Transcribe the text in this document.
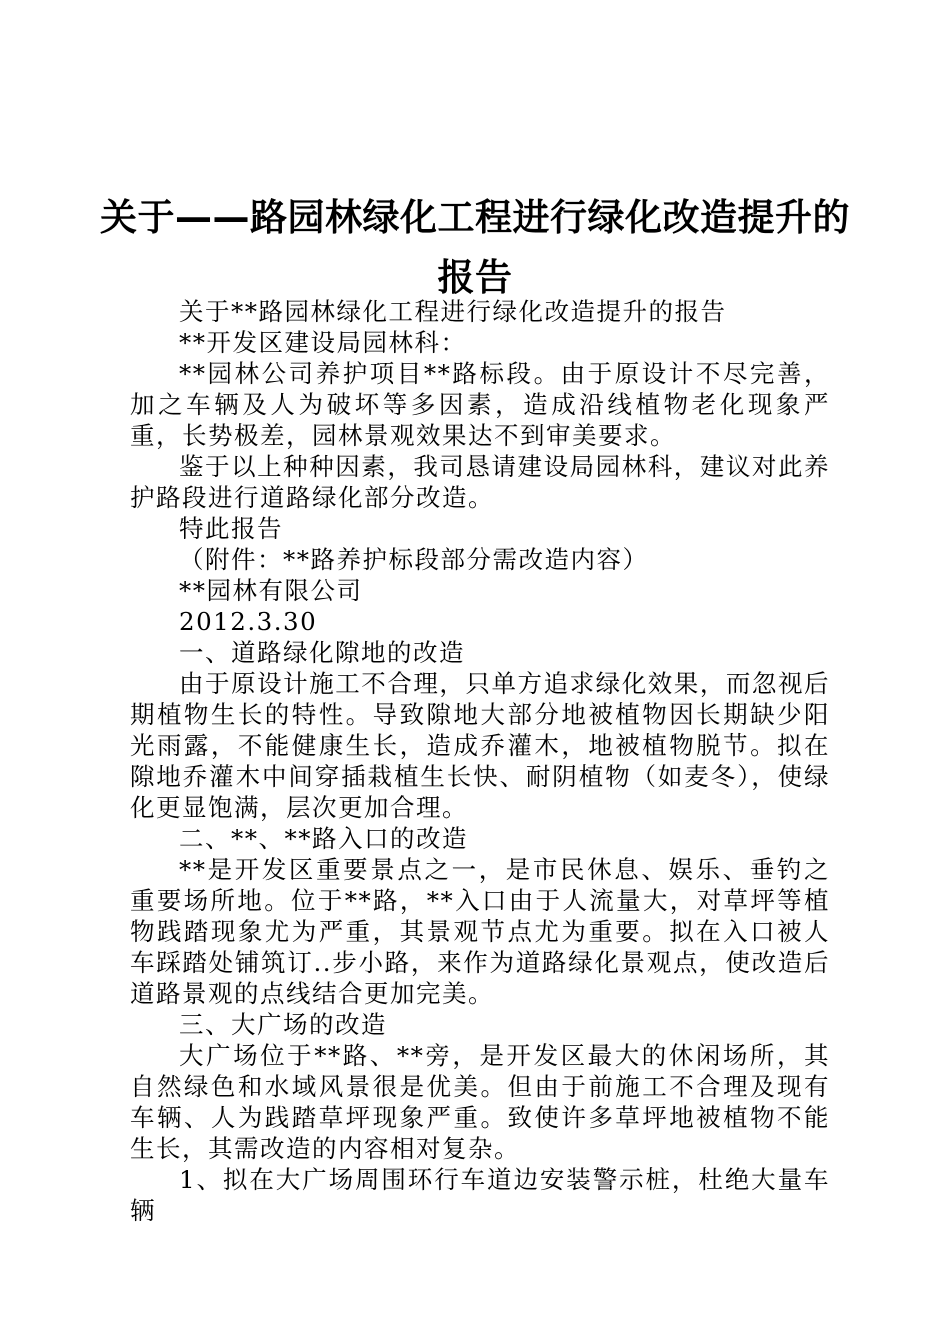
关于——路园林绿化工程进行绿化改造提升的
报告

关于**路园林绿化工程进行绿化改造提升的报告

**开发区建设局园林科：

**园林公司养护项目**路标段。由于原设计不尽完善，加之车辆及人为破坏等多因素，造成沿线植物老化现象严重，长势极差，园林景观效果达不到审美要求。

鉴于以上种种因素，我司恳请建设局园林科，建议对此养护路段进行道路绿化部分改造。

特此报告

（附件：**路养护标段部分需改造内容）

**园林有限公司

2012.3.30

一、道路绿化隙地的改造

由于原设计施工不合理，只单方追求绿化效果，而忽视后期植物生长的特性。导致隙地大部分地被植物因长期缺少阳光雨露，不能健康生长，造成乔灌木，地被植物脱节。拟在隙地乔灌木中间穿插栽植生长快、耐阴植物（如麦冬），使绿化更显饱满，层次更加合理。

二、**、**路入口的改造

**是开发区重要景点之一，是市民休息、娱乐、垂钓之重要场所地。位于**路，**入口由于人流量大，对草坪等植物践踏现象尤为严重，其景观节点尤为重要。拟在入口被人车踩踏处铺筑订..步小路，来作为道路绿化景观点，使改造后道路景观的点线结合更加完美。

三、大广场的改造

大广场位于**路、**旁，是开发区最大的休闲场所，其自然绿色和水域风景很是优美。但由于前施工不合理及现有车辆、人为践踏草坪现象严重。致使许多草坪地被植物不能生长，其需改造的内容相对复杂。

1、拟在大广场周围环行车道边安装警示桩，杜绝大量车辆
